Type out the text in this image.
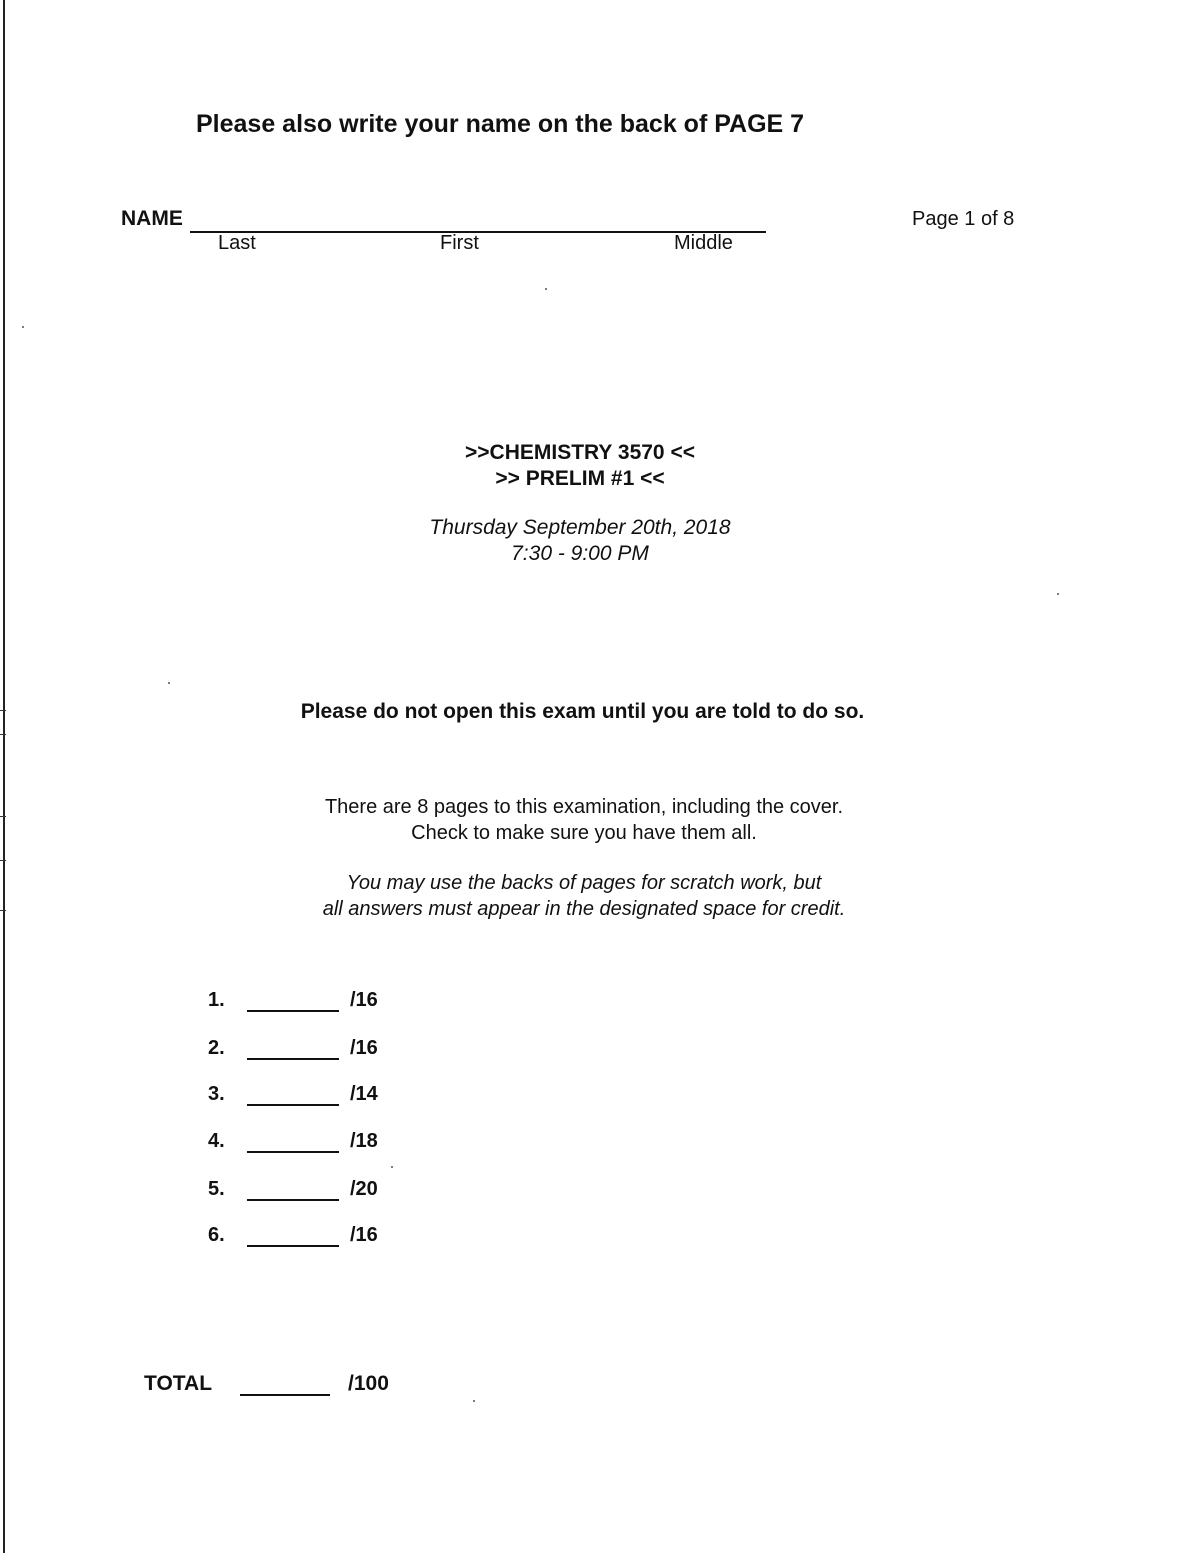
Please also write your name on the back of PAGE 7
NAME
Last	First	Middle
Page 1 of 8
>>CHEMISTRY 3570 <<
>> PRELIM #1 <<
Thursday September 20th, 2018
7:30 - 9:00 PM
Please do not open this exam until you are told to do so.
There are 8 pages to this examination, including the cover.
Check to make sure you have them all.
You may use the backs of pages for scratch work, but
all answers must appear in the designated space for credit.
1.	/16
2.	/16
3.	/14
4.	/18
5.	/20
6.	/16
TOTAL	/100
